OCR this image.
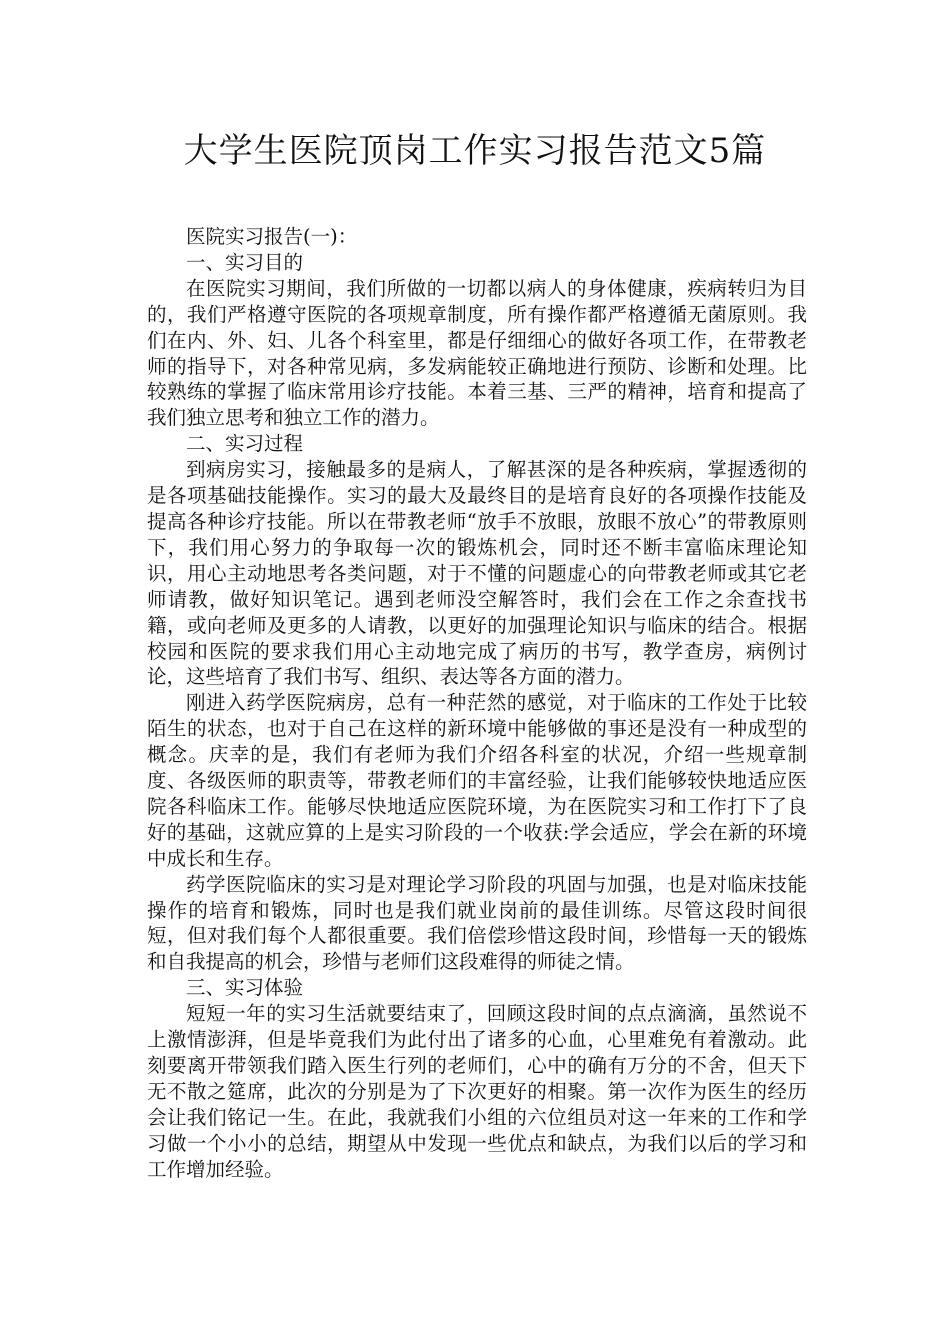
大学生医院顶岗工作实习报告范文5篇

医院实习报告(一)：

一、实习目的

在医院实习期间，我们所做的一切都以病人的身体健康，疾病转归为目的，我们严格遵守医院的各项规章制度，所有操作都严格遵循无菌原则。我们在内、外、妇、儿各个科室里，都是仔细细心的做好各项工作，在带教老师的指导下，对各种常见病，多发病能较正确地进行预防、诊断和处理。比较熟练的掌握了临床常用诊疗技能。本着三基、三严的精神，培育和提高了我们独立思考和独立工作的潜力。

二、实习过程

到病房实习，接触最多的是病人，了解甚深的是各种疾病，掌握透彻的是各项基础技能操作。实习的最大及最终目的是培育良好的各项操作技能及提高各种诊疗技能。所以在带教老师“放手不放眼，放眼不放心”的带教原则下，我们用心努力的争取每一次的锻炼机会，同时还不断丰富临床理论知识，用心主动地思考各类问题，对于不懂的问题虚心的向带教老师或其它老师请教，做好知识笔记。遇到老师没空解答时，我们会在工作之余查找书籍，或向老师及更多的人请教，以更好的加强理论知识与临床的结合。根据校园和医院的要求我们用心主动地完成了病历的书写，教学查房，病例讨论，这些培育了我们书写、组织、表达等各方面的潜力。

刚进入药学医院病房，总有一种茫然的感觉，对于临床的工作处于比较陌生的状态，也对于自己在这样的新环境中能够做的事还是没有一种成型的概念。庆幸的是，我们有老师为我们介绍各科室的状况，介绍一些规章制度、各级医师的职责等，带教老师们的丰富经验，让我们能够较快地适应医院各科临床工作。能够尽快地适应医院环境，为在医院实习和工作打下了良好的基础，这就应算的上是实习阶段的一个收获:学会适应，学会在新的环境中成长和生存。

药学医院临床的实习是对理论学习阶段的巩固与加强，也是对临床技能操作的培育和锻炼，同时也是我们就业岗前的最佳训练。尽管这段时间很短，但对我们每个人都很重要。我们倍偿珍惜这段时间，珍惜每一天的锻炼和自我提高的机会，珍惜与老师们这段难得的师徒之情。

三、实习体验

短短一年的实习生活就要结束了，回顾这段时间的点点滴滴，虽然说不上激情澎湃，但是毕竟我们为此付出了诸多的心血，心里难免有着激动。此刻要离开带领我们踏入医生行列的老师们，心中的确有万分的不舍，但天下无不散之筵席，此次的分别是为了下次更好的相聚。第一次作为医生的经历会让我们铭记一生。在此，我就我们小组的六位组员对这一年来的工作和学习做一个小小的总结，期望从中发现一些优点和缺点，为我们以后的学习和工作增加经验。
